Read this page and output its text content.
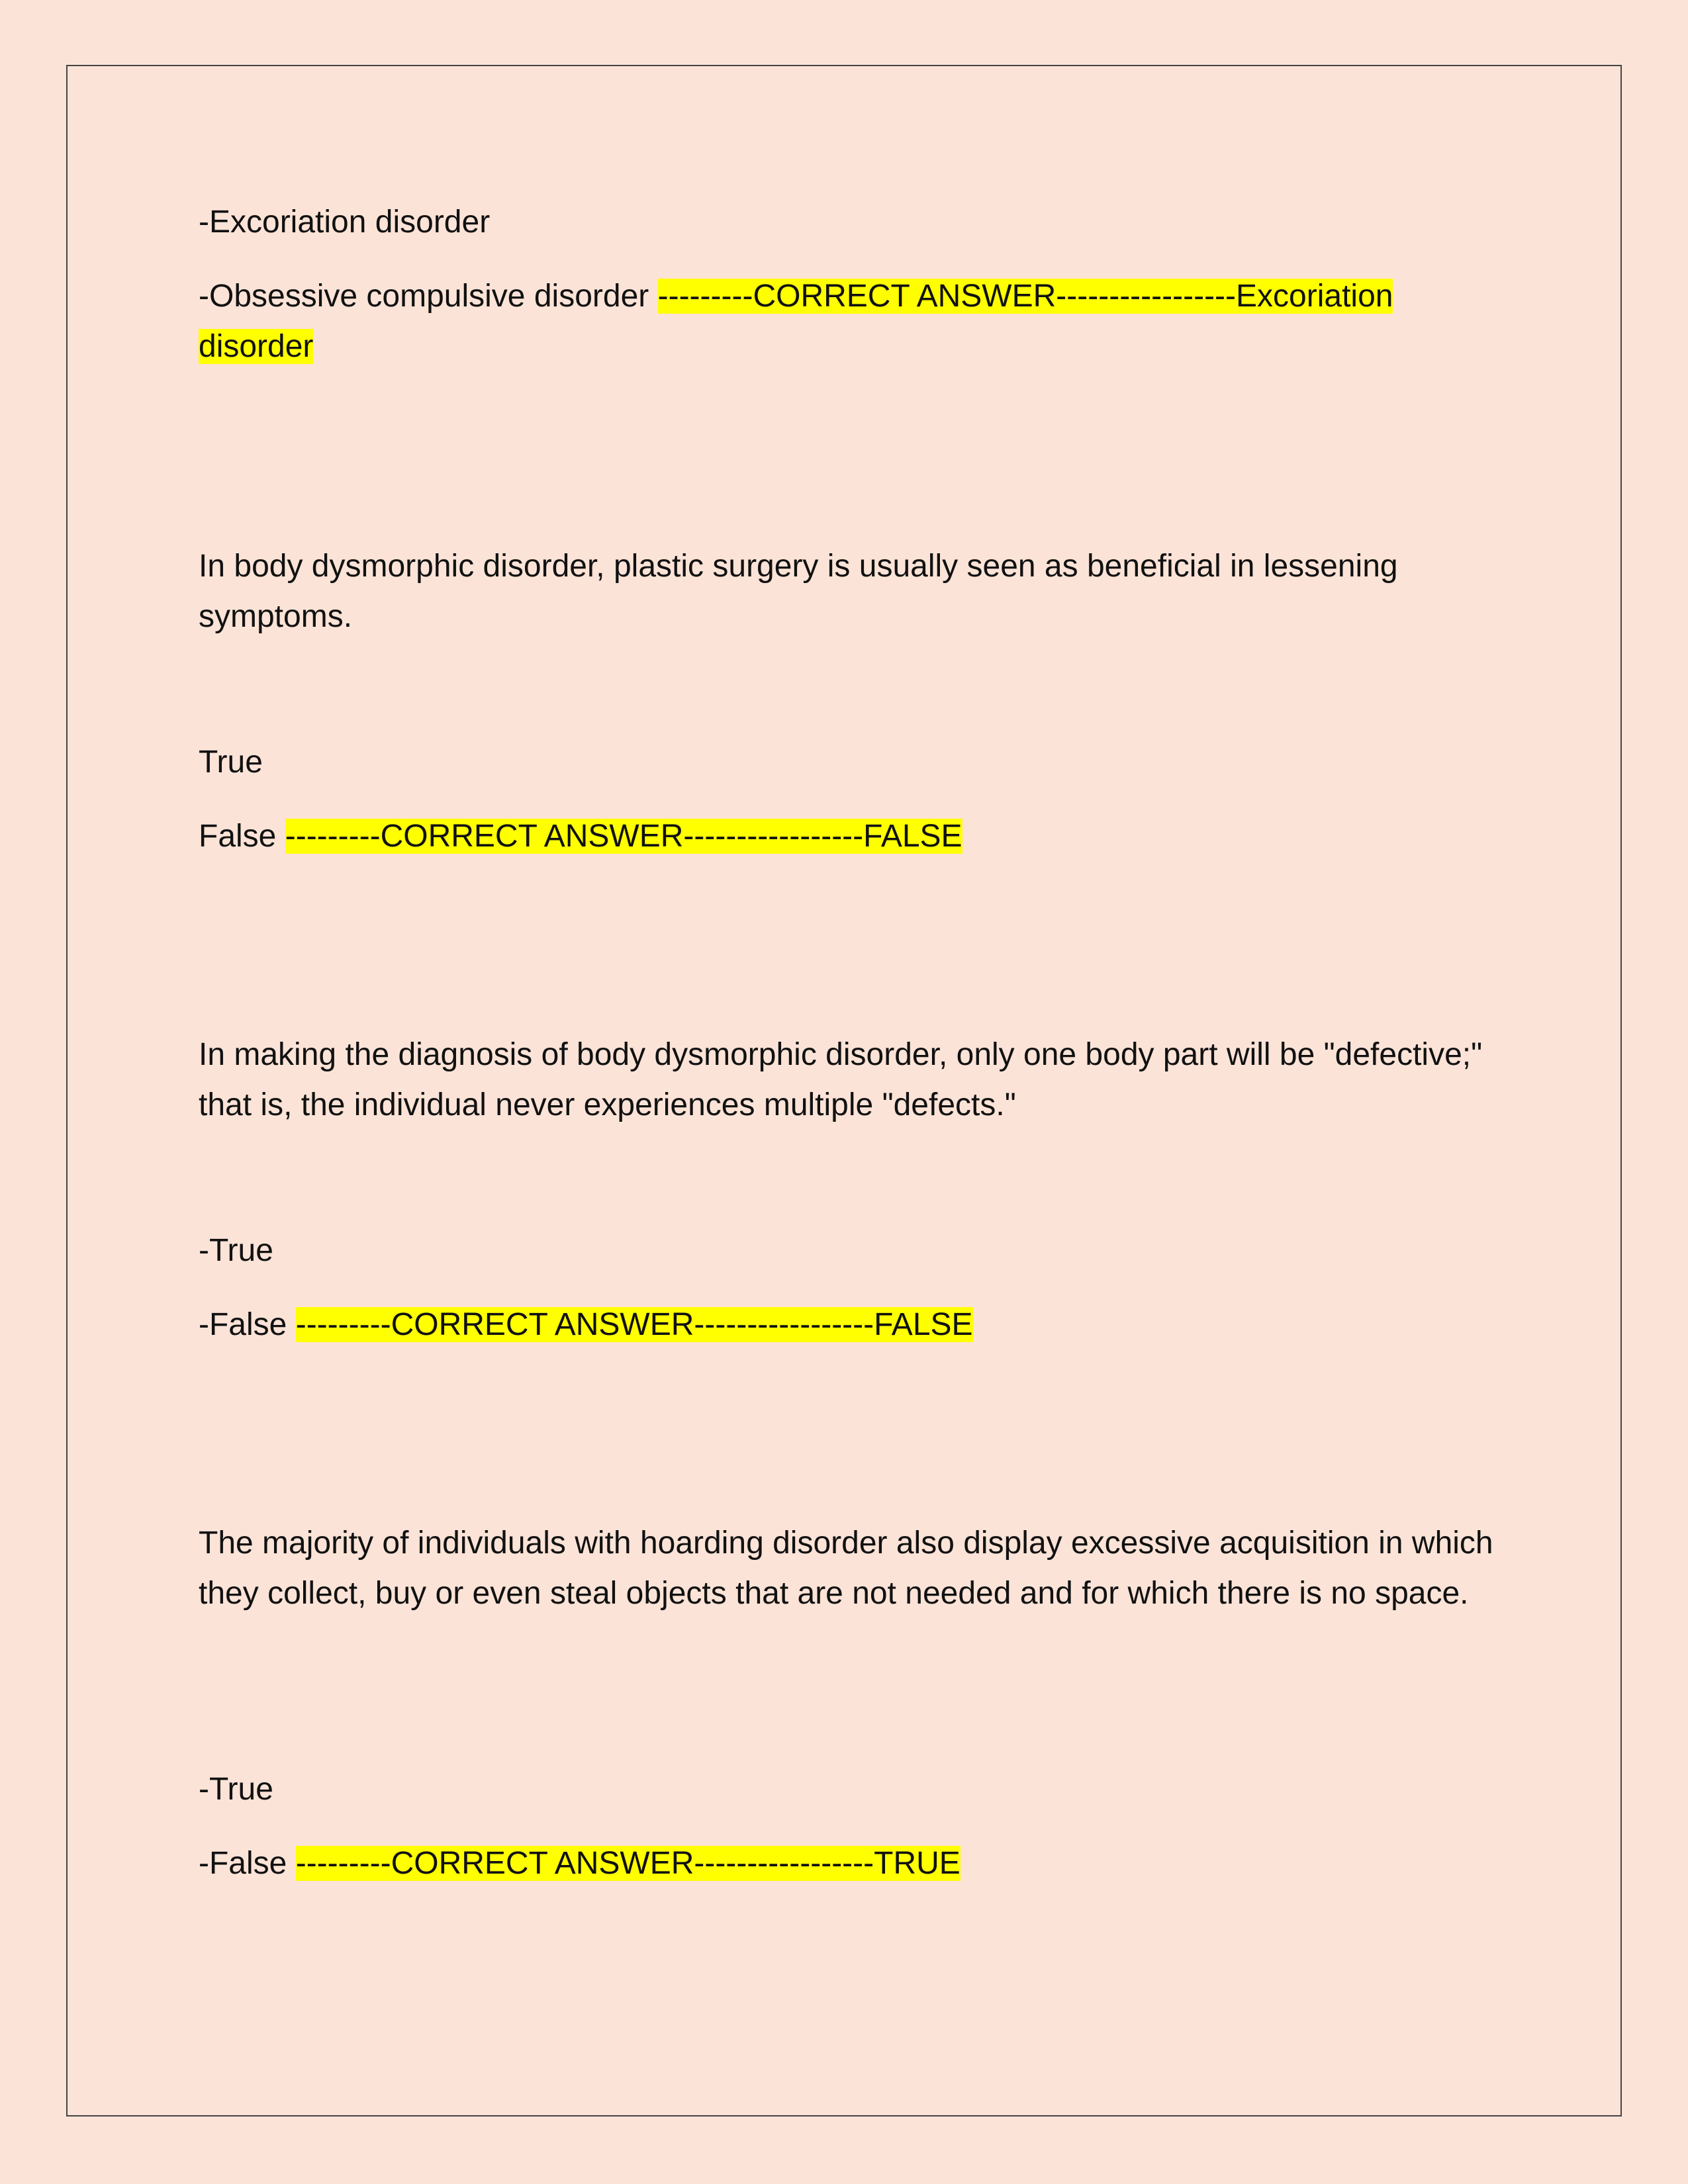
-Excoriation disorder
-Obsessive compulsive disorder ---------CORRECT ANSWER-----------------Excoriation disorder
In body dysmorphic disorder, plastic surgery is usually seen as beneficial in lessening symptoms.
True
False ---------CORRECT ANSWER-----------------FALSE
In making the diagnosis of body dysmorphic disorder, only one body part will be "defective;" that is, the individual never experiences multiple "defects."
-True
-False ---------CORRECT ANSWER-----------------FALSE
The majority of individuals with hoarding disorder also display excessive acquisition in which they collect, buy or even steal objects that are not needed and for which there is no space.
-True
-False ---------CORRECT ANSWER-----------------TRUE
